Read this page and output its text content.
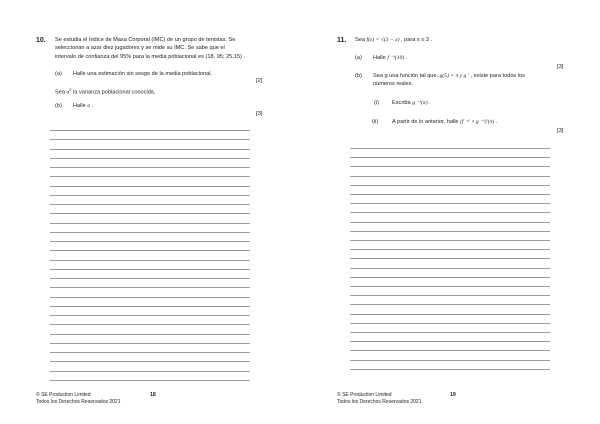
10. Se estudia el Índice de Masa Corporal (IMC) de un grupo de tenistas. Se
seleccionan a azar diez jugadores y se mide su IMC. Se sabe que el
intervalo de confianza del 95% para la media poblacional es (18, 95; 25,15) .
(a) Halle una estimación sin sesgo de la media poblacional.
[2]
Sea $\sigma^2$ la varianza poblacional conocida.
(b) Halle σ .
[3]
© SE Production Limited
Todos los Derechos Reservados 2021
18
11. Sea f(x) = √(3 − x) , para x ≤ 3 .
(a) Halle f ⁻¹(10) .
[3]
(b) Sea g una función tal que, g(5) = π y g ′ , existe para todos los
números reales.
(i) Escriba g ⁻¹(π) .
(ii) A partir de lo anterior, halle (f ⁻¹ ∘ g ⁻¹)′(π) .
[3]
© SE Production Limited
Todos los Derechos Reservados 2021
19
